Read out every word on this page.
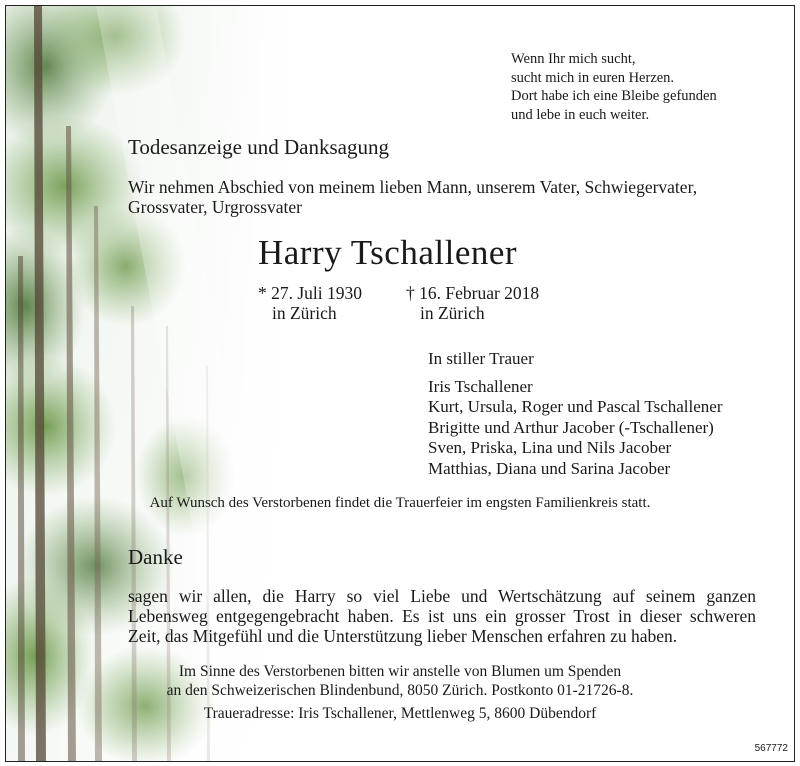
Wenn Ihr mich sucht,
sucht mich in euren Herzen.
Dort habe ich eine Bleibe gefunden
und lebe in euch weiter.
Todesanzeige und Danksagung
Wir nehmen Abschied von meinem lieben Mann, unserem Vater, Schwiegervater,
Grossvater, Urgrossvater
Harry Tschallener
* 27. Juli 1930
in Zürich
† 16. Februar 2018
in Zürich
In stiller Trauer
Iris Tschallener
Kurt, Ursula, Roger und Pascal Tschallener
Brigitte und Arthur Jacober (-Tschallener)
Sven, Priska, Lina und Nils Jacober
Matthias, Diana und Sarina Jacober
Auf Wunsch des Verstorbenen findet die Trauerfeier im engsten Familienkreis statt.
Danke
sagen wir allen, die Harry so viel Liebe und Wertschätzung auf seinem ganzen
Lebensweg entgegengebracht haben. Es ist uns ein grosser Trost in dieser schweren
Zeit, das Mitgefühl und die Unterstützung lieber Menschen erfahren zu haben.
Im Sinne des Verstorbenen bitten wir anstelle von Blumen um Spenden
an den Schweizerischen Blindenbund, 8050 Zürich. Postkonto 01-21726-8.
Traueradresse: Iris Tschallener, Mettlenweg 5, 8600 Dübendorf
567772
